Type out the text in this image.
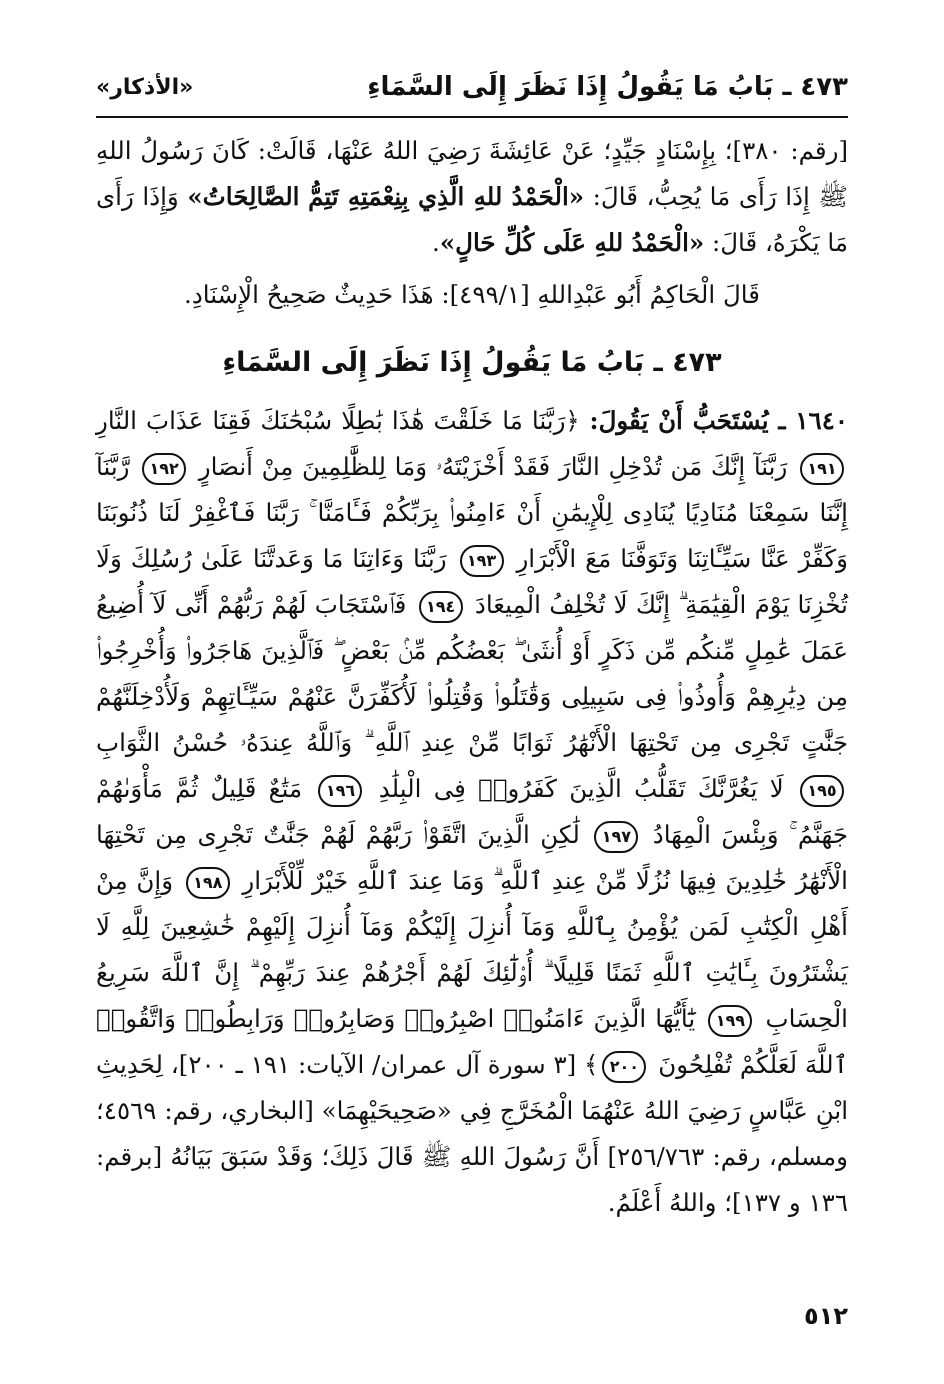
٤٧٣ ـ بَابُ مَا يَقُولُ إِذَا نَظَرَ إِلَى السَّمَاءِ
«الأذكار»

[رقم: ٣٨٠]؛ بِإِسْنَادٍ جَيِّدٍ؛ عَنْ عَائِشَةَ رَضِيَ اللهُ عَنْهَا، قَالَتْ: كَانَ رَسُولُ اللهِ ﷺ إِذَا رَأَى مَا يُحِبُّ، قَالَ: «الْحَمْدُ للهِ الَّذِي بِنِعْمَتِهِ تَتِمُّ الصَّالِحَاتُ» وَإِذَا رَأَى مَا يَكْرَهُ، قَالَ: «الْحَمْدُ للهِ عَلَى كُلِّ حَالٍ».

قَالَ الْحَاكِمُ أَبُو عَبْدِاللهِ [٤٩٩/١]: هَذَا حَدِيثٌ صَحِيحُ الْإِسْنَادِ.

٤٧٣ ـ بَابُ مَا يَقُولُ إِذَا نَظَرَ إِلَى السَّمَاءِ

١٦٤٠ ـ يُسْتَحَبُّ أَنْ يَقُولَ: ﴿رَبَّنَا مَا خَلَقْتَ هَٰذَا بَٰطِلًا سُبْحَٰنَكَ فَقِنَا عَذَابَ النَّارِ ١٩١ رَبَّنَآ إِنَّكَ مَن تُدْخِلِ النَّارَ فَقَدْ أَخْزَيْتَهُۥ وَمَا لِلظَّٰلِمِينَ مِنْ أَنصَارٍ ١٩٢ رَّبَّنَآ إِنَّنَا سَمِعْنَا مُنَادِيًا يُنَادِى لِلْإِيمَٰنِ أَنْ ءَامِنُوا۟ بِرَبِّكُمْ فَـَٔامَنَّا ۚ رَبَّنَا فَٱغْفِرْ لَنَا ذُنُوبَنَا وَكَفِّرْ عَنَّا سَيِّـَٔاتِنَا وَتَوَفَّنَا مَعَ الْأَبْرَارِ ١٩٣ رَبَّنَا وَءَاتِنَا مَا وَعَدتَّنَا عَلَىٰ رُسُلِكَ وَلَا تُخْزِنَا يَوْمَ الْقِيَٰمَةِ ۗ إِنَّكَ لَا تُخْلِفُ الْمِيعَادَ ١٩٤ فَٱسْتَجَابَ لَهُمْ رَبُّهُمْ أَنِّى لَآ أُضِيعُ عَمَلَ عَٰمِلٍ مِّنكُم مِّن ذَكَرٍ أَوْ أُنثَىٰ ۖ بَعْضُكُم مِّنۢ بَعْضٍ ۖ فَٱلَّذِينَ هَاجَرُوا۟ وَأُخْرِجُوا۟ مِن دِيَٰرِهِمْ وَأُوذُوا۟ فِى سَبِيلِى وَقَٰتَلُوا۟ وَقُتِلُوا۟ لَأُكَفِّرَنَّ عَنْهُمْ سَيِّـَٔاتِهِمْ وَلَأُدْخِلَنَّهُمْ جَنَّٰتٍ تَجْرِى مِن تَحْتِهَا الْأَنْهَٰرُ ثَوَابًا مِّنْ عِندِ ٱللَّهِ ۗ وَٱللَّهُ عِندَهُۥ حُسْنُ الثَّوَابِ ١٩٥ لَا يَغُرَّنَّكَ تَقَلُّبُ الَّذِينَ كَفَرُوا۟ فِى الْبِلَٰدِ ١٩٦ مَتَٰعٌ قَلِيلٌ ثُمَّ مَأْوَىٰهُمْ جَهَنَّمُ ۚ وَبِئْسَ الْمِهَادُ ١٩٧ لَٰكِنِ الَّذِينَ اتَّقَوْا۟ رَبَّهُمْ لَهُمْ جَنَّٰتٌ تَجْرِى مِن تَحْتِهَا الْأَنْهَٰرُ خَٰلِدِينَ فِيهَا نُزُلًا مِّنْ عِندِ ٱللَّهِ ۗ وَمَا عِندَ ٱللَّهِ خَيْرٌ لِّلْأَبْرَارِ ١٩٨ وَإِنَّ مِنْ أَهْلِ الْكِتَٰبِ لَمَن يُؤْمِنُ بِٱللَّهِ وَمَآ أُنزِلَ إِلَيْكُمْ وَمَآ أُنزِلَ إِلَيْهِمْ خَٰشِعِينَ لِلَّهِ لَا يَشْتَرُونَ بِـَٔايَٰتِ ٱللَّهِ ثَمَنًا قَلِيلًا ۗ أُو۟لَٰٓئِكَ لَهُمْ أَجْرُهُمْ عِندَ رَبِّهِمْ ۗ إِنَّ ٱللَّهَ سَرِيعُ الْحِسَابِ ١٩٩ يَٰٓأَيُّهَا الَّذِينَ ءَامَنُوا۟ اصْبِرُوا۟ وَصَابِرُوا۟ وَرَابِطُوا۟ وَاتَّقُوا۟ ٱللَّهَ لَعَلَّكُمْ تُفْلِحُونَ ٢٠٠﴾ [٣ سورة آل عمران/ الآيات: ١٩١ ـ ٢٠٠]، لِحَدِيثِ ابْنِ عَبَّاسٍ رَضِيَ اللهُ عَنْهُمَا الْمُخَرَّجِ فِي «صَحِيحَيْهِمَا» [البخاري، رقم: ٤٥٦٩؛ ومسلم، رقم: ٢٥٦/٧٦٣] أَنَّ رَسُولَ اللهِ ﷺ قَالَ ذَلِكَ؛ وَقَدْ سَبَقَ بَيَانُهُ [برقم: ١٣٦ و ١٣٧]؛ واللهُ أَعْلَمُ.

٥١٢
